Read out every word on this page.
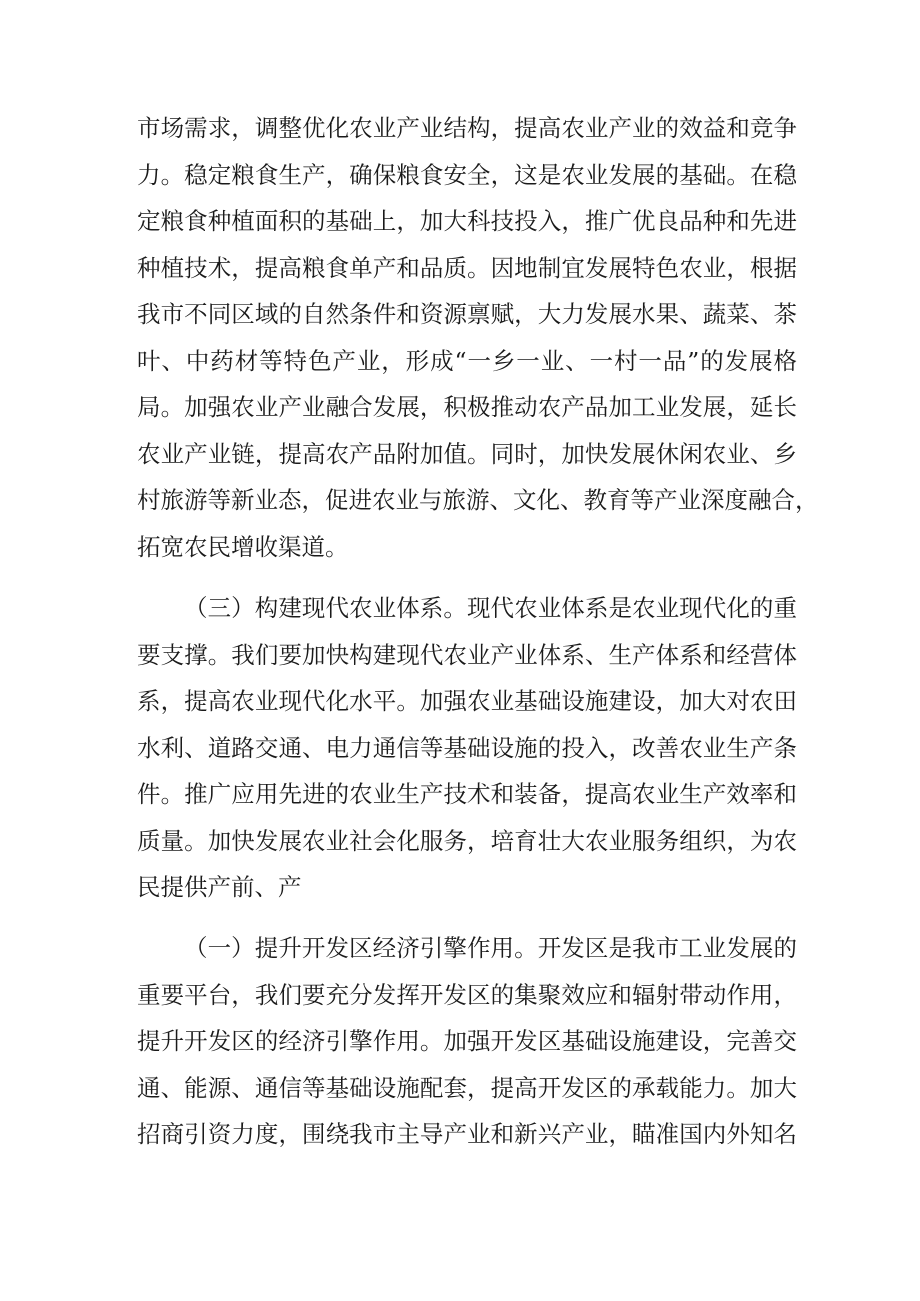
市场需求，调整优化农业产业结构，提高农业产业的效益和竞争
力。稳定粮食生产，确保粮食安全，这是农业发展的基础。在稳
定粮食种植面积的基础上，加大科技投入，推广优良品种和先进
种植技术，提高粮食单产和品质。因地制宜发展特色农业，根据
我市不同区域的自然条件和资源禀赋，大力发展水果、蔬菜、茶
叶、中药材等特色产业，形成“一乡一业、一村一品”的发展格
局。加强农业产业融合发展，积极推动农产品加工业发展，延长
农业产业链，提高农产品附加值。同时，加快发展休闲农业、乡
村旅游等新业态，促进农业与旅游、文化、教育等产业深度融合，
拓宽农民增收渠道。
（三）构建现代农业体系。现代农业体系是农业现代化的重
要支撑。我们要加快构建现代农业产业体系、生产体系和经营体
系，提高农业现代化水平。加强农业基础设施建设，加大对农田
水利、道路交通、电力通信等基础设施的投入，改善农业生产条
件。推广应用先进的农业生产技术和装备，提高农业生产效率和
质量。加快发展农业社会化服务，培育壮大农业服务组织，为农
民提供产前、产
（一）提升开发区经济引擎作用。开发区是我市工业发展的
重要平台，我们要充分发挥开发区的集聚效应和辐射带动作用，
提升开发区的经济引擎作用。加强开发区基础设施建设，完善交
通、能源、通信等基础设施配套，提高开发区的承载能力。加大
招商引资力度，围绕我市主导产业和新兴产业，瞄准国内外知名
